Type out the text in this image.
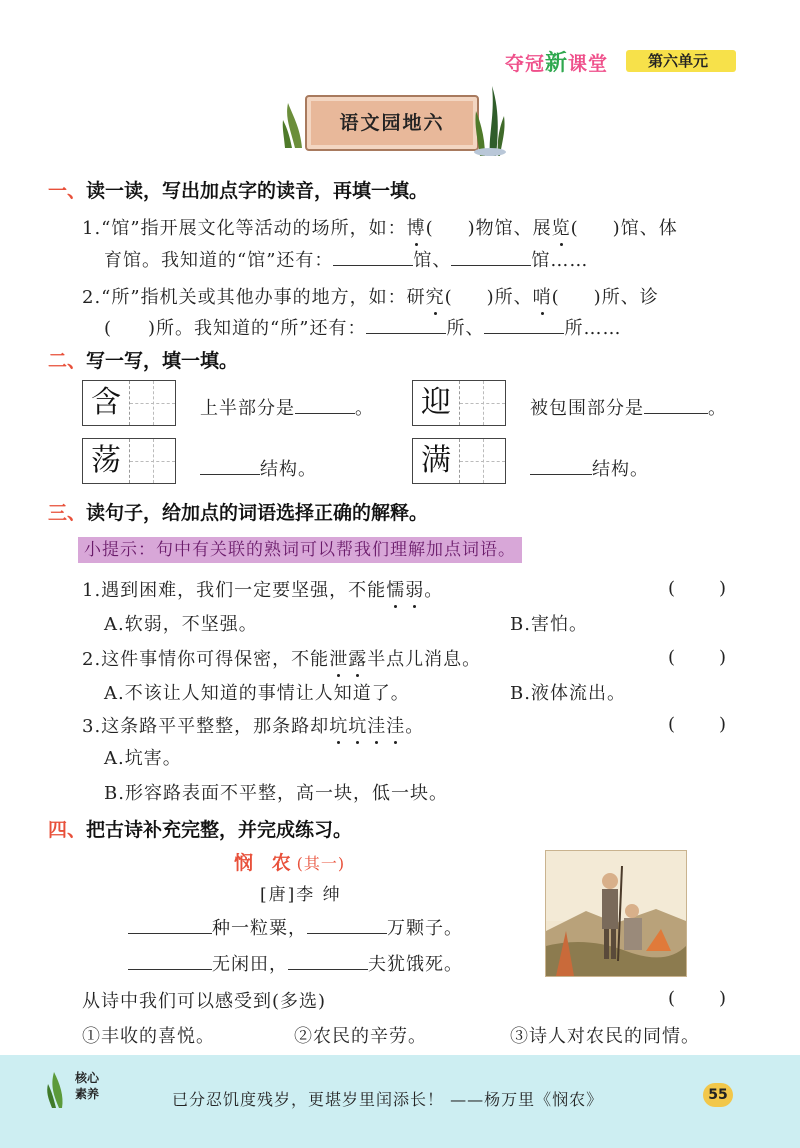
夺冠新课堂	第六单元
语文园地六
一、读一读，写出加点字的读音，再填一填。
1.“馆”指开展文化等活动的场所，如：博( )物馆、展览( )馆、体
育馆。我知道的“馆”还有：	馆、	馆……
2.“所”指机关或其他办事的地方，如：研究( )所、哨( )所、诊
( )所。我知道的“所”还有：	所、	所……
二、写一写，填一填。
含	上半部分是	。 迎	被包围部分是	。
荡	结构。	满	结构。
三、读句子，给加点的词语选择正确的解释。
小提示：句中有关联的熟词可以帮我们理解加点词语。
1.遇到困难，我们一定要坚强，不能懦弱。	( )
A.软弱，不坚强。	B.害怕。
2.这件事情你可得保密，不能泄露半点儿消息。	( )
A.不该让人知道的事情让人知道了。	B.液体流出。
3.这条路平平整整，那条路却坑坑洼洼。	( )
A.坑害。
B.形容路表面不平整，高一块，低一块。
四、把古诗补充完整，并完成练习。
悯 农(其一)
[唐]李 绅
种一粒粟，	万颗子。
无闲田，	夫犹饿死。
从诗中我们可以感受到(多选)	( )
①丰收的喜悦。	②农民的辛劳。	③诗人对农民的同情。
核心
素养	已分忍饥度残岁，更堪岁里闰添长！ ——杨万里《悯农》	55
